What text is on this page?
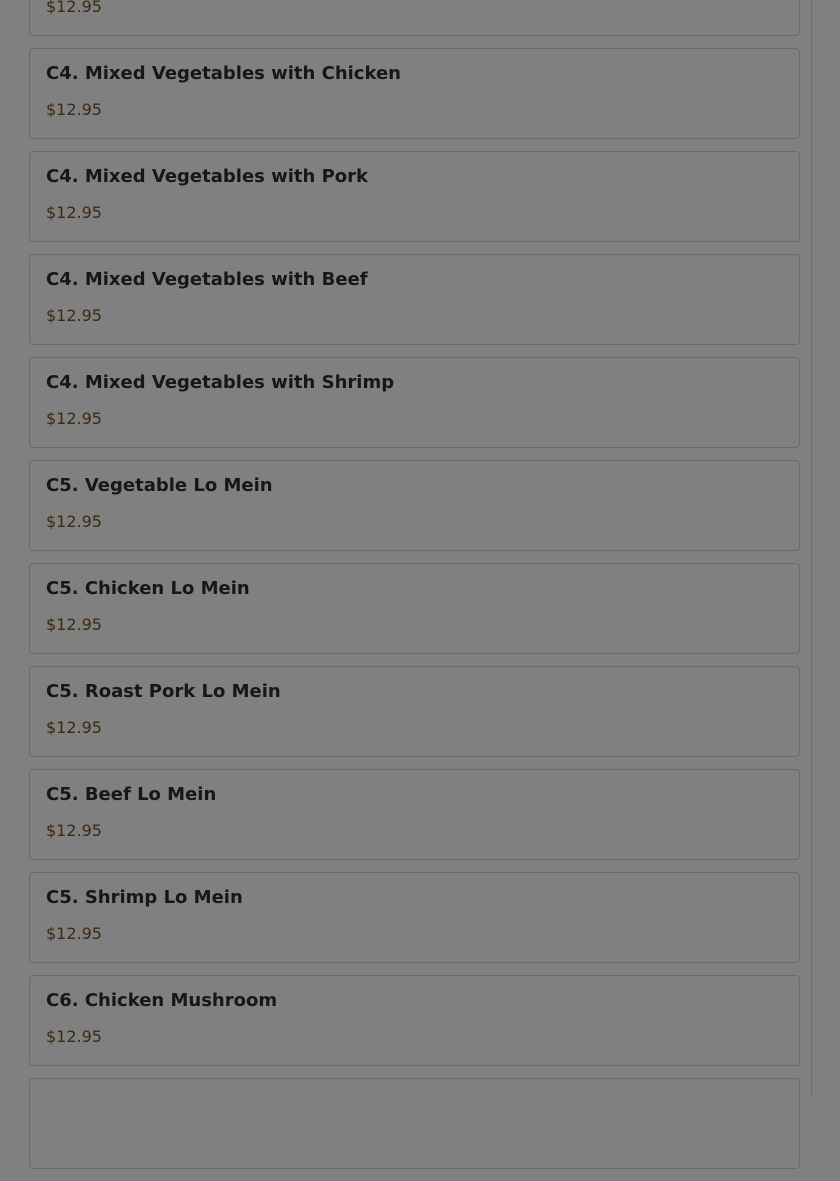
$12.95
C4. Mixed Vegetables with Chicken
$12.95
C4. Mixed Vegetables with Pork
$12.95
C4. Mixed Vegetables with Beef
$12.95
C4. Mixed Vegetables with Shrimp
$12.95
C5. Vegetable Lo Mein
$12.95
C5. Chicken Lo Mein
$12.95
C5. Roast Pork Lo Mein
$12.95
C5. Beef Lo Mein
$12.95
C5. Shrimp Lo Mein
$12.95
C6. Chicken Mushroom
$12.95
